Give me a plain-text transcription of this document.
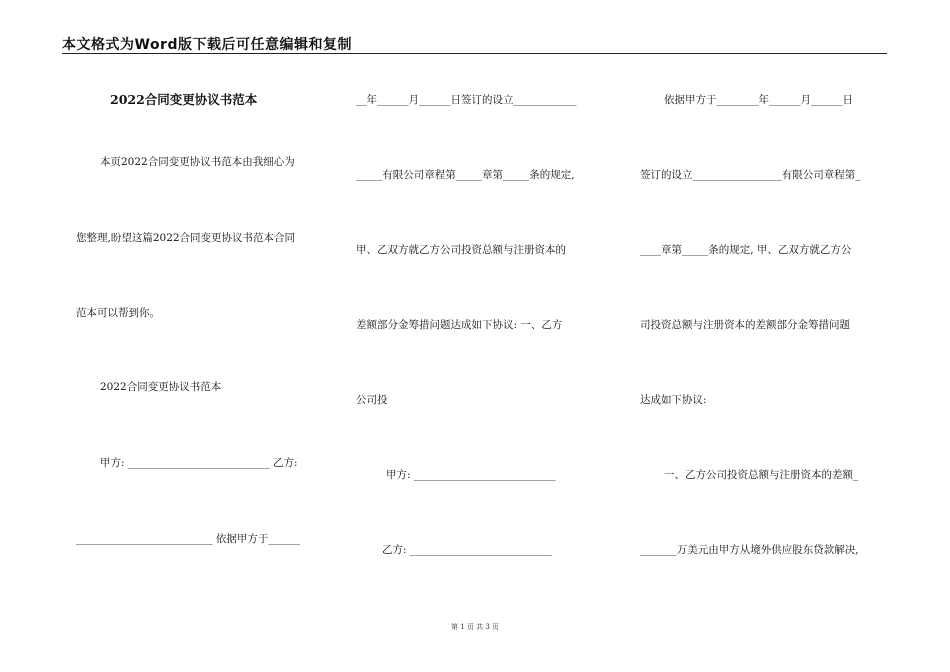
本文格式为Word版下载后可任意编辑和复制
2022合同变更协议书范本
本页2022合同变更协议书范本由我细心为
您整理,盼望这篇2022合同变更协议书范本合同
范本可以帮到你。
2022合同变更协议书范本
甲方: ___________________________ 乙方:
__________________________ 依据甲方于______
__年______月______日签订的设立____________
_____有限公司章程第_____章第_____条的规定,
甲、乙双方就乙方公司投资总额与注册资本的
差额部分金筹措问题达成如下协议: 一、乙方
公司投
甲方: ___________________________
乙方: ___________________________
依据甲方于________年______月______日
签订的设立_________________有限公司章程第_
____章第_____条的规定, 甲、乙双方就乙方公
司投资总额与注册资本的差额部分金筹措问题
达成如下协议:
一、乙方公司投资总额与注册资本的差额_
_______万美元由甲方从境外供应股东贷款解决,
第 1 页 共 3 页
